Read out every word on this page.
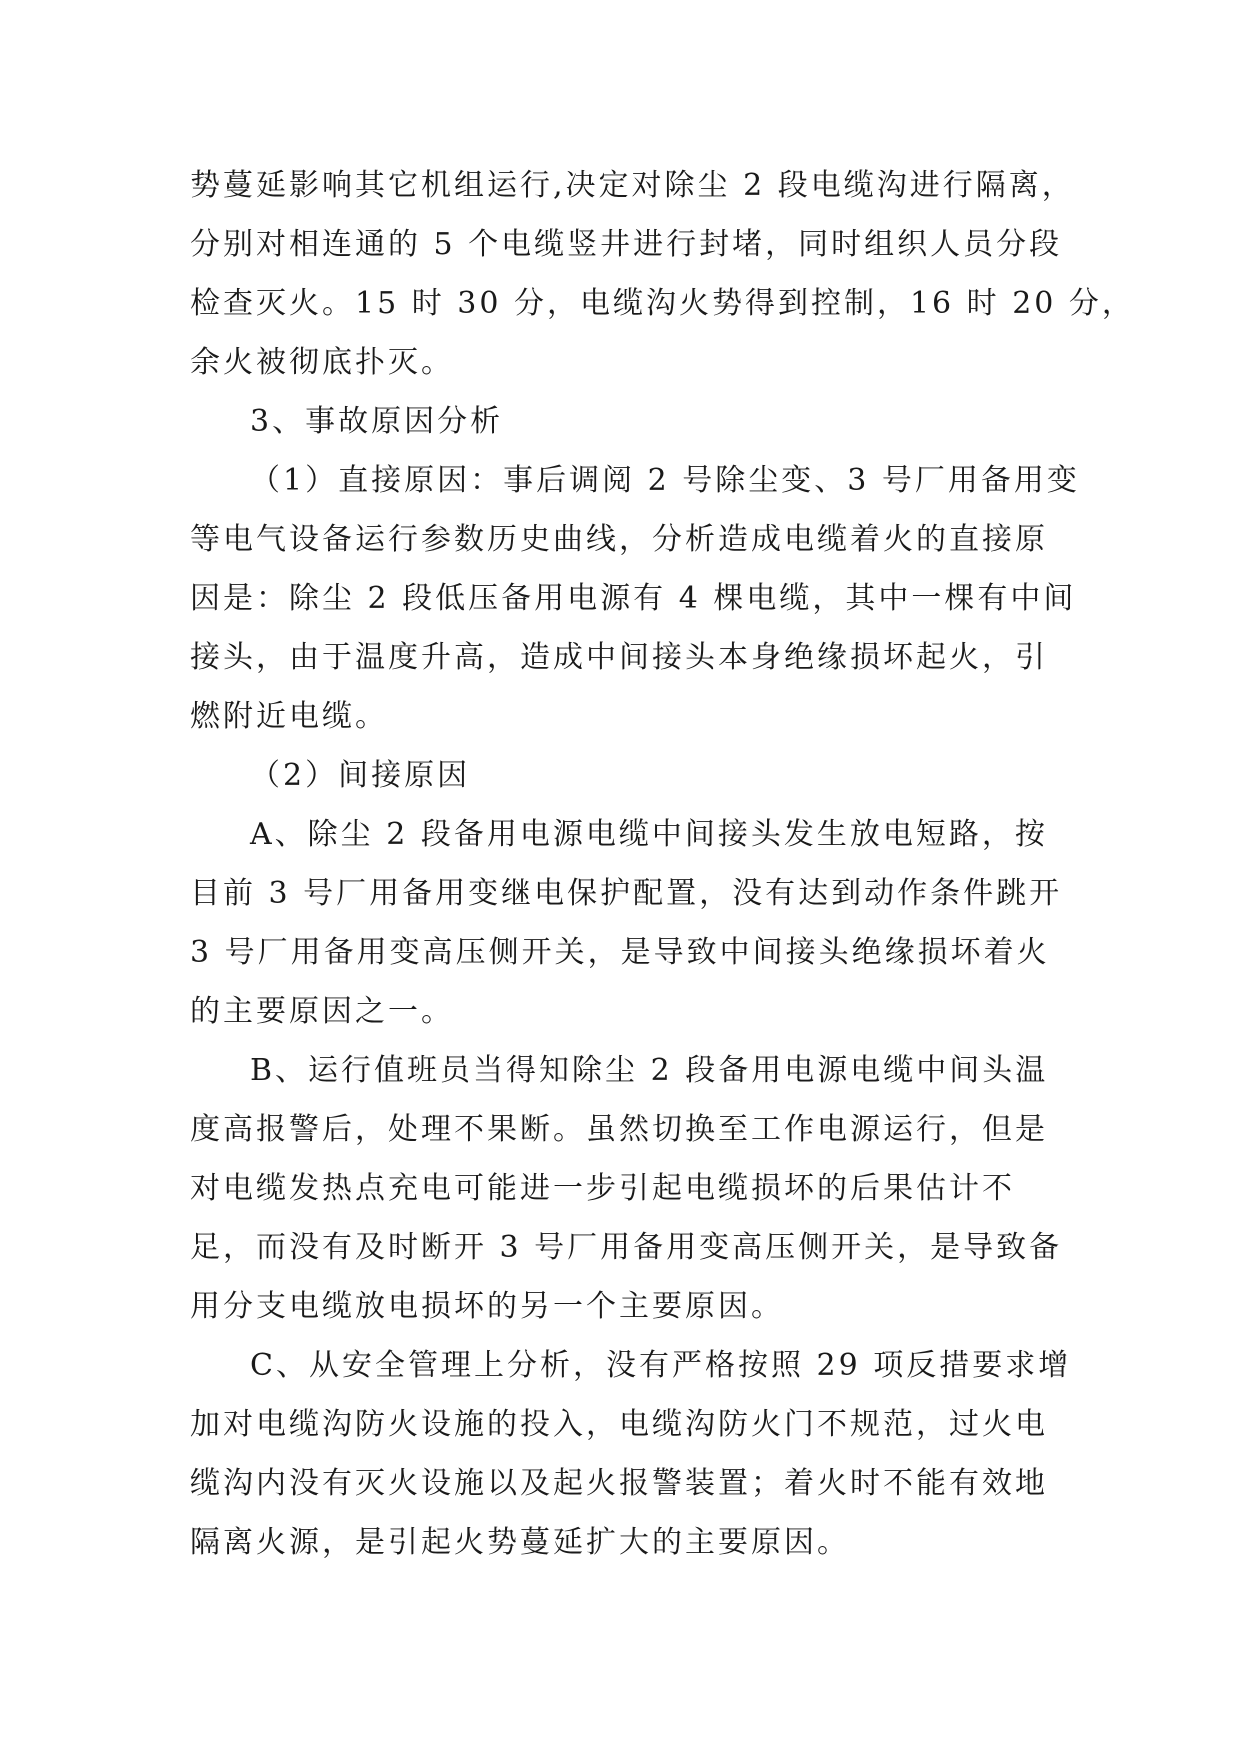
势蔓延影响其它机组运行,决定对除尘 2 段电缆沟进行隔离，
分别对相连通的 5 个电缆竖井进行封堵，同时组织人员分段
检查灭火。15 时 30 分，电缆沟火势得到控制，16 时 20 分，
余火被彻底扑灭。
3、事故原因分析
（1）直接原因：事后调阅 2 号除尘变、3 号厂用备用变
等电气设备运行参数历史曲线，分析造成电缆着火的直接原
因是：除尘 2 段低压备用电源有 4 棵电缆，其中一棵有中间
接头，由于温度升高，造成中间接头本身绝缘损坏起火，引
燃附近电缆。
（2）间接原因
A、除尘 2 段备用电源电缆中间接头发生放电短路，按
目前 3 号厂用备用变继电保护配置，没有达到动作条件跳开
3 号厂用备用变高压侧开关，是导致中间接头绝缘损坏着火
的主要原因之一。
B、运行值班员当得知除尘 2 段备用电源电缆中间头温
度高报警后，处理不果断。虽然切换至工作电源运行，但是
对电缆发热点充电可能进一步引起电缆损坏的后果估计不
足，而没有及时断开 3 号厂用备用变高压侧开关，是导致备
用分支电缆放电损坏的另一个主要原因。
C、从安全管理上分析，没有严格按照 29 项反措要求增
加对电缆沟防火设施的投入，电缆沟防火门不规范，过火电
缆沟内没有灭火设施以及起火报警装置；着火时不能有效地
隔离火源，是引起火势蔓延扩大的主要原因。
